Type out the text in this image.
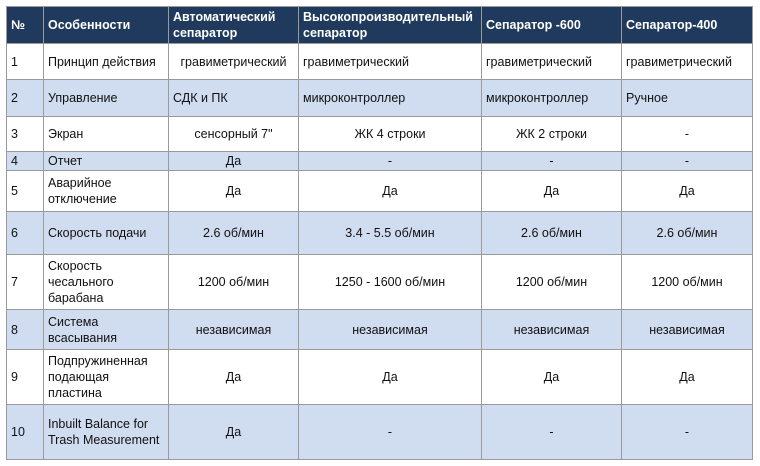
№	Особенности	Автоматический сепаратор	Высокопроизводительный сепаратор	Сепаратор -600	Сепаратор-400
1	Принцип действия	гравиметрический	гравиметрический	гравиметрический	гравиметрический
2	Управление	СДК и ПК	микроконтроллер	микроконтроллер	Ручное
3	Экран	сенсорный 7"	ЖК 4 строки	ЖК 2 строки	-
4	Отчет	Да	-	-	-
5	Аварийное отключение	Да	Да	Да	Да
6	Скорость подачи	2.6 об/мин	3.4 - 5.5 об/мин	2.6 об/мин	2.6 об/мин
7	Скорость чесального барабана	1200 об/мин	1250 - 1600 об/мин	1200 об/мин	1200 об/мин
8	Система всасывания	независимая	независимая	независимая	независимая
9	Подпружиненная подающая пластина	Да	Да	Да	Да
10	Inbuilt Balance for Trash Measurement	Да	-	-	-
